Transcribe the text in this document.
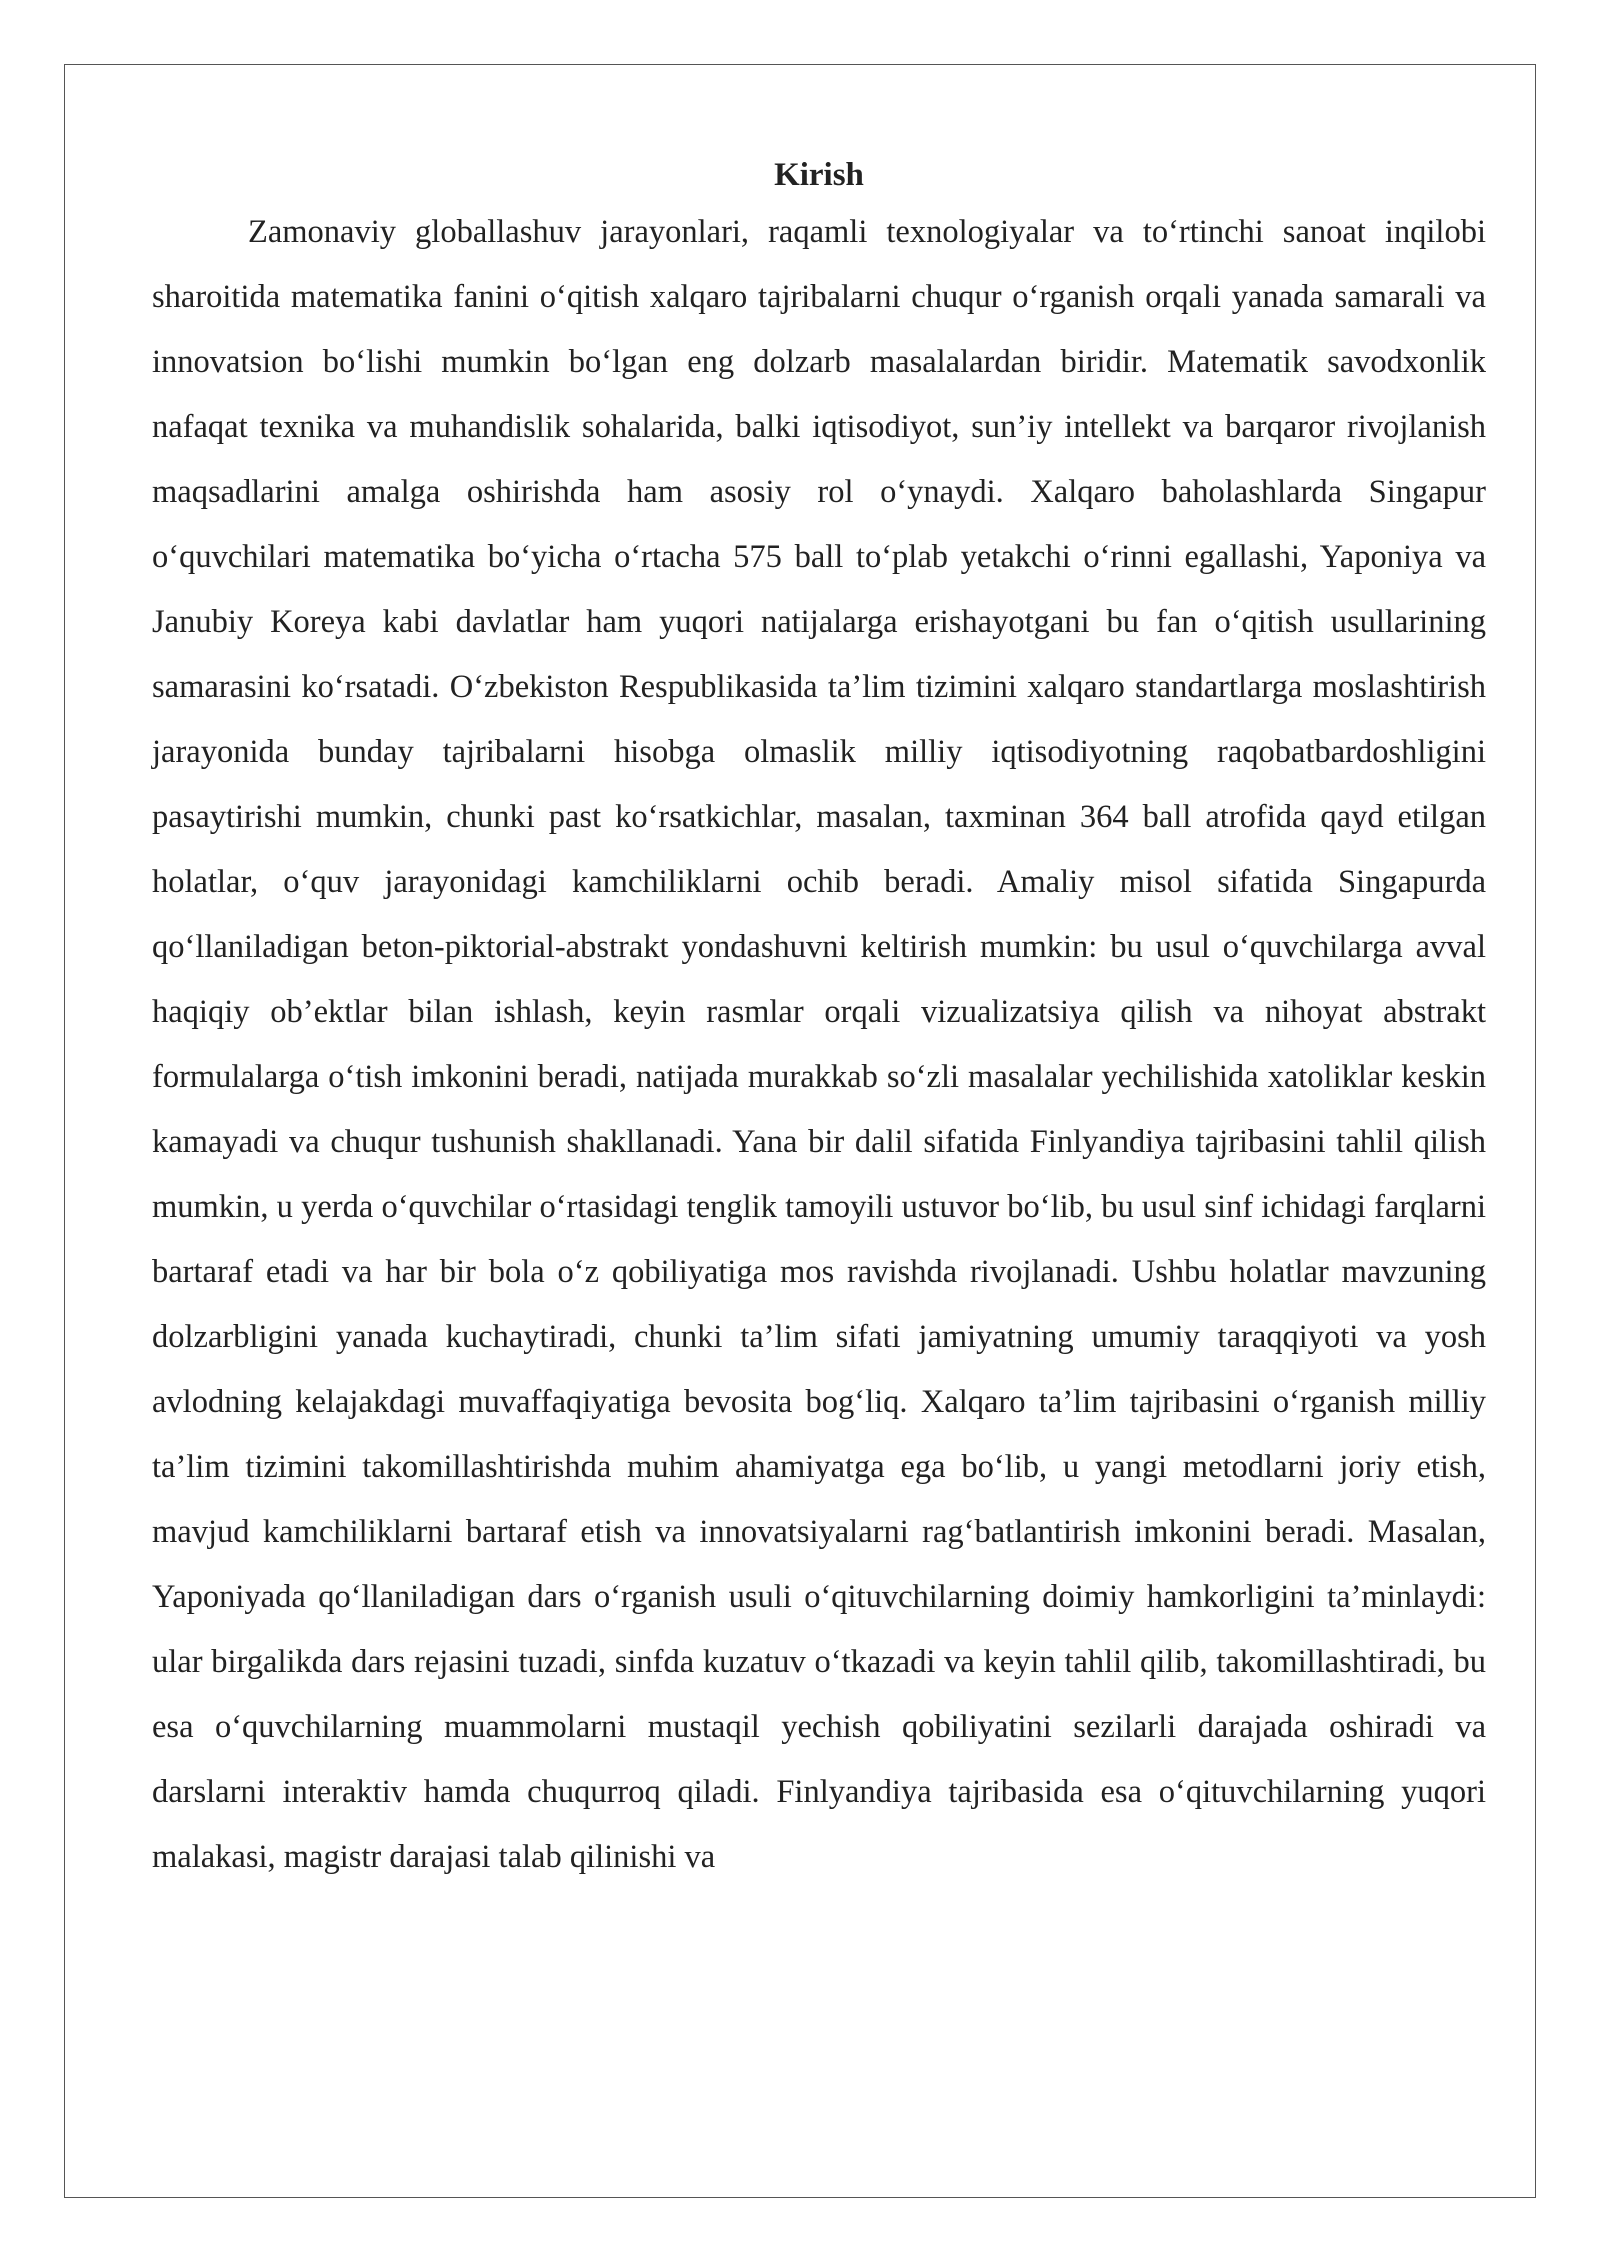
Kirish

Zamonaviy globallashuv jarayonlari, raqamli texnologiyalar va to‘rtinchi sanoat inqilobi sharoitida matematika fanini o‘qitish xalqaro tajribalarni chuqur o‘rganish orqali yanada samarali va innovatsion bo‘lishi mumkin bo‘lgan eng dolzarb masalalardan biridir. Matematik savodxonlik nafaqat texnika va muhandislik sohalarida, balki iqtisodiyot, sun’iy intellekt va barqaror rivojlanish maqsadlarini amalga oshirishda ham asosiy rol o‘ynaydi. Xalqaro baholashlarda Singapur o‘quvchilari matematika bo‘yicha o‘rtacha 575 ball to‘plab yetakchi o‘rinni egallashi, Yaponiya va Janubiy Koreya kabi davlatlar ham yuqori natijalarga erishayotgani bu fan o‘qitish usullarining samarasini ko‘rsatadi. O‘zbekiston Respublikasida ta’lim tizimini xalqaro standartlarga moslashtirish jarayonida bunday tajribalarni hisobga olmaslik milliy iqtisodiyotning raqobatbardoshligini pasaytirishi mumkin, chunki past ko‘rsatkichlar, masalan, taxminan 364 ball atrofida qayd etilgan holatlar, o‘quv jarayonidagi kamchiliklarni ochib beradi. Amaliy misol sifatida Singapurda qo‘llaniladigan beton-piktorial-abstrakt yondashuvni keltirish mumkin: bu usul o‘quvchilarga avval haqiqiy ob’ektlar bilan ishlash, keyin rasmlar orqali vizualizatsiya qilish va nihoyat abstrakt formulalarga o‘tish imkonini beradi, natijada murakkab so‘zli masalalar yechilishida xatoliklar keskin kamayadi va chuqur tushunish shakllanadi. Yana bir dalil sifatida Finlyandiya tajribasini tahlil qilish mumkin, u yerda o‘quvchilar o‘rtasidagi tenglik tamoyili ustuvor bo‘lib, bu usul sinf ichidagi farqlarni bartaraf etadi va har bir bola o‘z qobiliyatiga mos ravishda rivojlanadi. Ushbu holatlar mavzuning dolzarbligini yanada kuchaytiradi, chunki ta’lim sifati jamiyatning umumiy taraqqiyoti va yosh avlodning kelajakdagi muvaffaqiyatiga bevosita bog‘liq. Xalqaro ta’lim tajribasini o‘rganish milliy ta’lim tizimini takomillashtirishda muhim ahamiyatga ega bo‘lib, u yangi metodlarni joriy etish, mavjud kamchiliklarni bartaraf etish va innovatsiyalarni rag‘batlantirish imkonini beradi. Masalan, Yaponiyada qo‘llaniladigan dars o‘rganish usuli o‘qituvchilarning doimiy hamkorligini ta’minlaydi: ular birgalikda dars rejasini tuzadi, sinfda kuzatuv o‘tkazadi va keyin tahlil qilib, takomillashtiradi, bu esa o‘quvchilarning muammolarni mustaqil yechish qobiliyatini sezilarli darajada oshiradi va darslarni interaktiv hamda chuqurroq qiladi. Finlyandiya tajribasida esa o‘qituvchilarning yuqori malakasi, magistr darajasi talab qilinishi va
